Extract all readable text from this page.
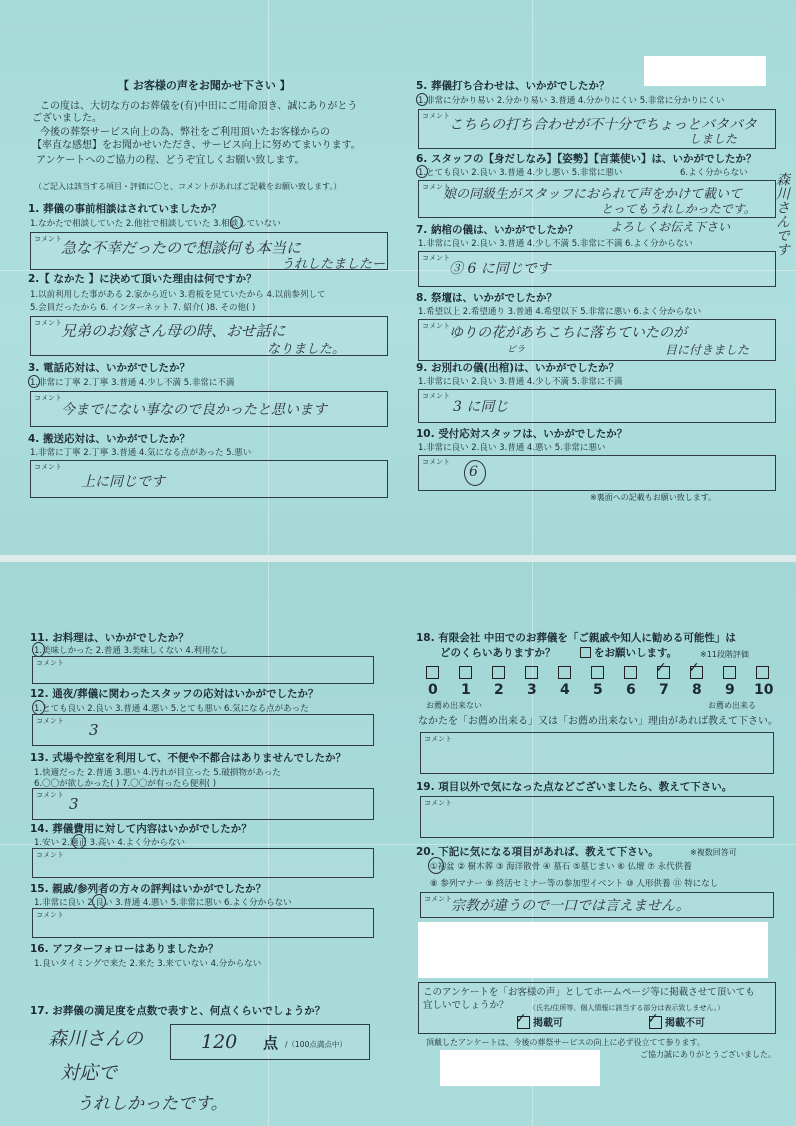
【 お客様の声をお聞かせ下さい 】
この度は、大切な方のお葬儀を(有)中田にご用命頂き、誠にありがとう
ございました。
今後の葬祭サービス向上の為、弊社をご利用頂いたお客様からの
【率直な感想】をお聞かせいただき、サービス向上に努めてまいります。
アンケートへのご協力の程、どうぞ宜しくお願い致します。
（ご記入は該当する項目・評価に〇と、コメントがあればご記載をお願い致します。）
1. 葬儀の事前相談はされていましたか？
1.なかたで相談していた 2.他社で相談していた 3.相談していない
コメント 急な不幸だったので想談何も本当に
うれしたましたー
2.【 なかた 】に決めて頂いた理由は何ですか？
1.以前利用した事がある 2.家から近い 3.看板を見ていたから 4.以前参列して
5.会員だったから 6. インターネット 7. 紹介( )8. その他( )
コメント 兄弟のお嫁さん母の時、おせ話に
なりました。
3. 電話応対は、いかがでしたか？
1.非常に丁寧 2.丁寧 3.普通 4.少し不満 5.非常に不満
コメント
今までにない事なので良かったと思います
4. 搬送応対は、いかがでしたか？
1.非常に丁寧 2.丁寧 3.普通 4.気になる点があった 5.悪い
コメント
上に同じです
5. 葬儀打ち合わせは、いかがでしたか？
1.非常に分かり易い 2.分かり易い 3.普通 4.分かりにくい 5.非常に分かりにくい
コメント
こちらの打ち合わせが不十分でちょっとバタバタ
しました
6. スタッフの【身だしなみ】【姿勢】【言葉使い】は、いかがでしたか？
1.とても良い 2.良い 3.普通 4.少し悪い 5.非常に悪い	6.よく分からない
コメント
娘の同級生がスタッフにおられて声をかけて載いて
とってもうれしかったです。
よろしくお伝え下さい	森川さんです
7. 納棺の儀は、いかがでしたか？
1.非常に良い 2.良い 3.普通 4.少し不満 5.非常に不満 6.よく分からない
コメント
③ 6 に同じです
8. 祭壇は、いかがでしたか？
1.希望以上 2.希望通り 3.普通 4.希望以下 5.非常に悪い 6.よく分からない
コメント ゆりの花があちこちに落ちていたのが
目に付きました
ビラ
9. お別れの儀(出棺)は、いかがでしたか？
1.非常に良い 2.良い 3.普通 4.少し不満 5.非常に不満
コメント
3 に同じ
10. 受付応対スタッフは、いかがでしたか？
1.非常に良い 2.良い 3.普通 4.悪い 5.非常に悪い
コメント
6
※裏面への記載もお願い致します。
11. お料理は、いかがでしたか？
1.美味しかった 2.普通 3.美味しくない 4.利用なし
コメント
12. 通夜/葬儀に関わったスタッフの応対はいかがでしたか？
1.とても良い 2.良い 3.普通 4.悪い 5.とても悪い 6.気になる点があった
コメント 3
13. 式場や控室を利用して、不便や不都合はありませんでしたか？
1.快適だった 2.普通 3.悪い 4.汚れが目立った 5.破損物があった
6.〇〇が欲しかった( ) 7.〇〇が有ったら便利( )
コメント 3
14. 葬儀費用に対して内容はいかがでしたか？
1.安い 2.適正 3.高い 4.よく分からない
コメント
15. 親戚/参列者の方々の評判はいかがでしたか？
1.非常に良い 2.良い 3.普通 4.悪い 5.非常に悪い 6.よく分からない
コメント
16. アフターフォローはありましたか？
1.良いタイミングで来た 2.来た 3.来ていない 4.分からない
17. お葬儀の満足度を点数で表すと、何点くらいでしょうか？
森川さんの
対応で
うれしかったです。
120 点 /（100点満点中）
18. 有限会社 中田でのお葬儀を「ご親戚や知人に勧める可能性」は
どのくらいありますか？	をお願いします。	※11段階評価
0 1 2 3 4 5 6
✓
7
✓
8 9 10
お薦め出来ない	お薦め出来る
なかたを「お薦め出来る」又は「お薦め出来ない」理由があれば教えて下さい。
コメント
19. 項目以外で気になった点などございましたら、教えて下さい。
コメント
20. 下記に気になる項目があれば、教えて下さい。	※複数回答可
①初盆 ② 樹木葬 ③ 海洋散骨 ④ 墓石 ⑤墓じまい ⑥ 仏壇 ⑦ 永代供養
⑧ 参列マナー ⑨ 終活セミナー等の参加型イベント ⑩ 人形供養 ⑪ 特になし
コメント 宗教が違うので一口では言えません。
このアンケートを「お客様の声」としてホームページ等に掲載させて頂いても
宜しいでしょうか？	（氏名/住所等、個人情報に該当する部分は表示致しません。）
✓ 掲載可	✓ 掲載不可
頂戴したアンケートは、今後の葬祭サービスの向上に必ず役立てて参ります。
ご協力誠にありがとうございました。
